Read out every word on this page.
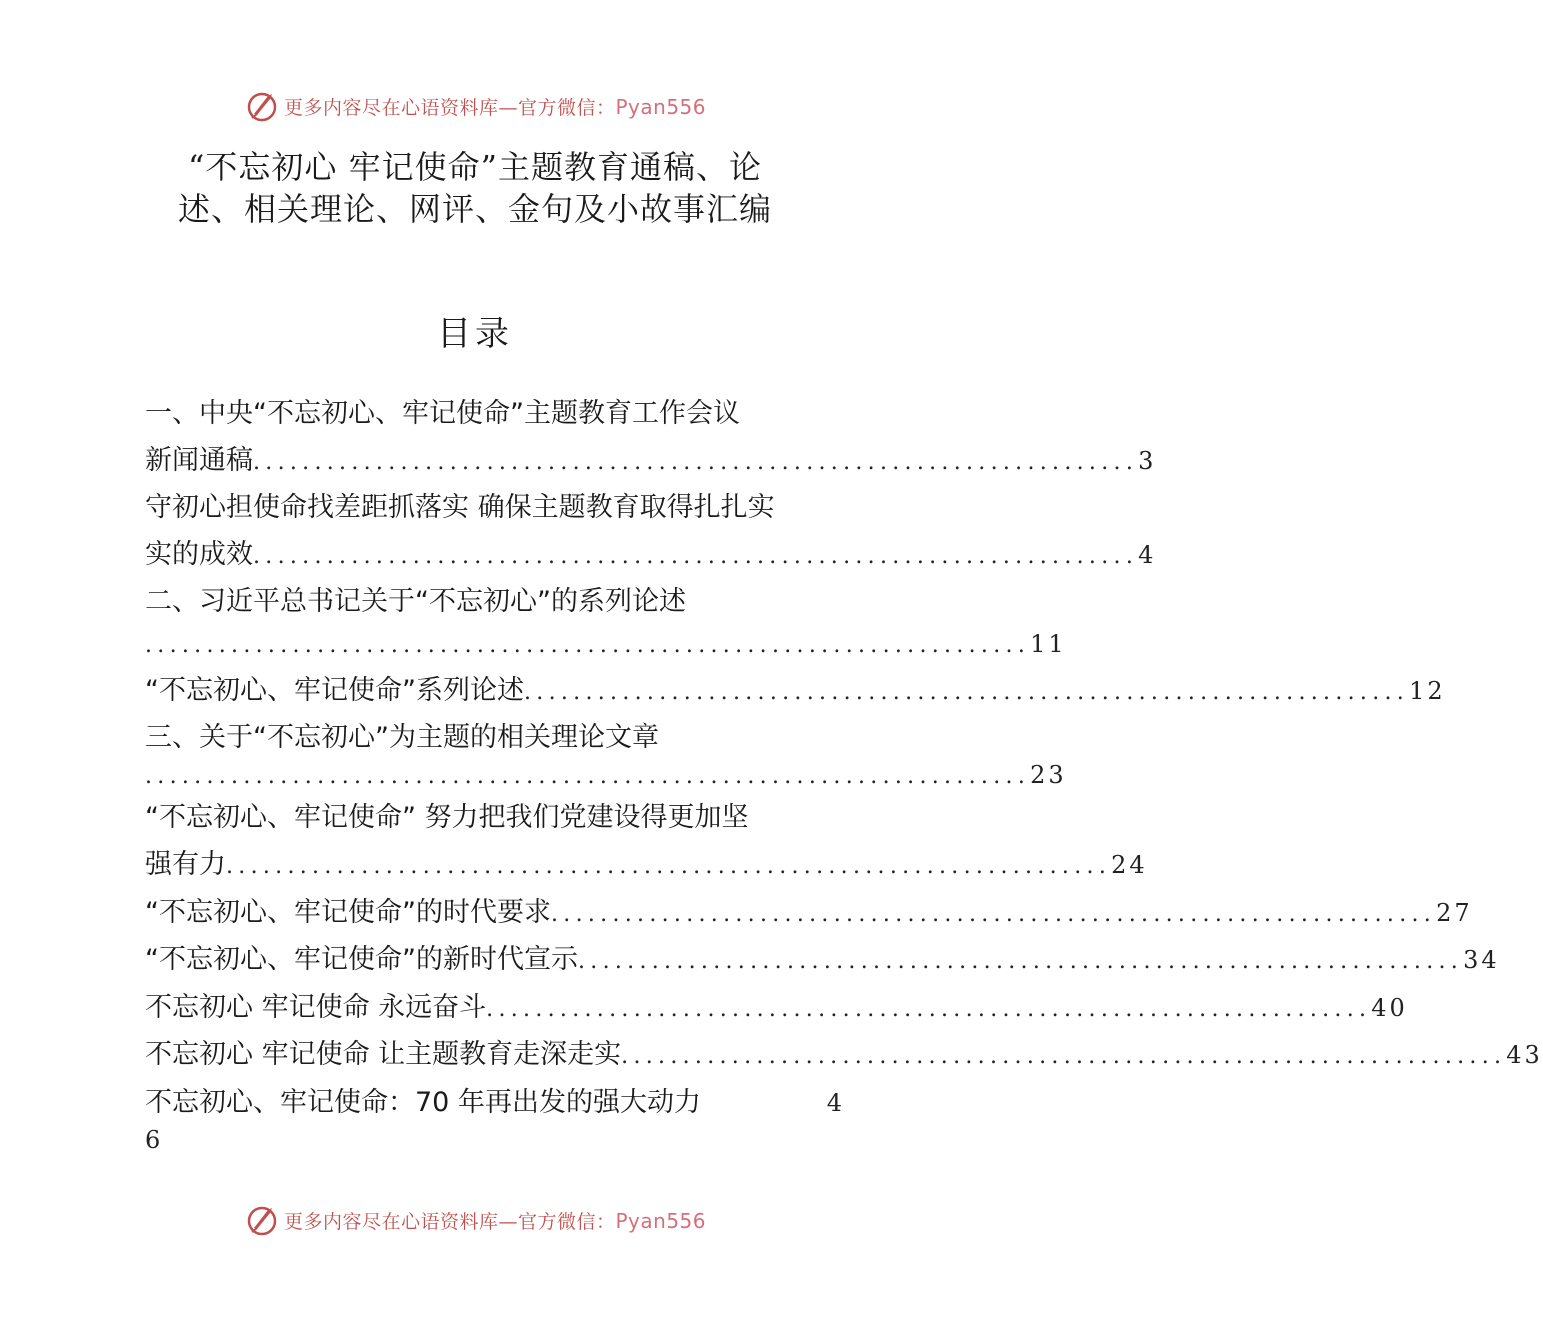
更多内容尽在心语资料库—官方微信：Pyan556
“不忘初心 牢记使命”主题教育通稿、论
述、相关理论、网评、金句及小故事汇编
目录
一、中央“不忘初心、牢记使命”主题教育工作会议
新闻通稿 ........................................................................ 3
守初心担使命找差距抓落实 确保主题教育取得扎扎实
实的成效 ........................................................................ 4
二、习近平总书记关于“不忘初心”的系列论述
........................................................................ 11
“不忘初心、牢记使命”系列论述 ........................................................................ 12
三、关于“不忘初心”为主题的相关理论文章
........................................................................ 23
“不忘初心、牢记使命” 努力把我们党建设得更加坚
强有力 ........................................................................ 24
“不忘初心、牢记使命”的时代要求 ........................................................................ 27
“不忘初心、牢记使命”的新时代宣示 ........................................................................ 34
不忘初心 牢记使命 永远奋斗 ........................................................................ 40
不忘初心 牢记使命 让主题教育走深走实 ........................................................................ 43
不忘初心、牢记使命：70 年再出发的强大动力	4
6
更多内容尽在心语资料库—官方微信：Pyan556
